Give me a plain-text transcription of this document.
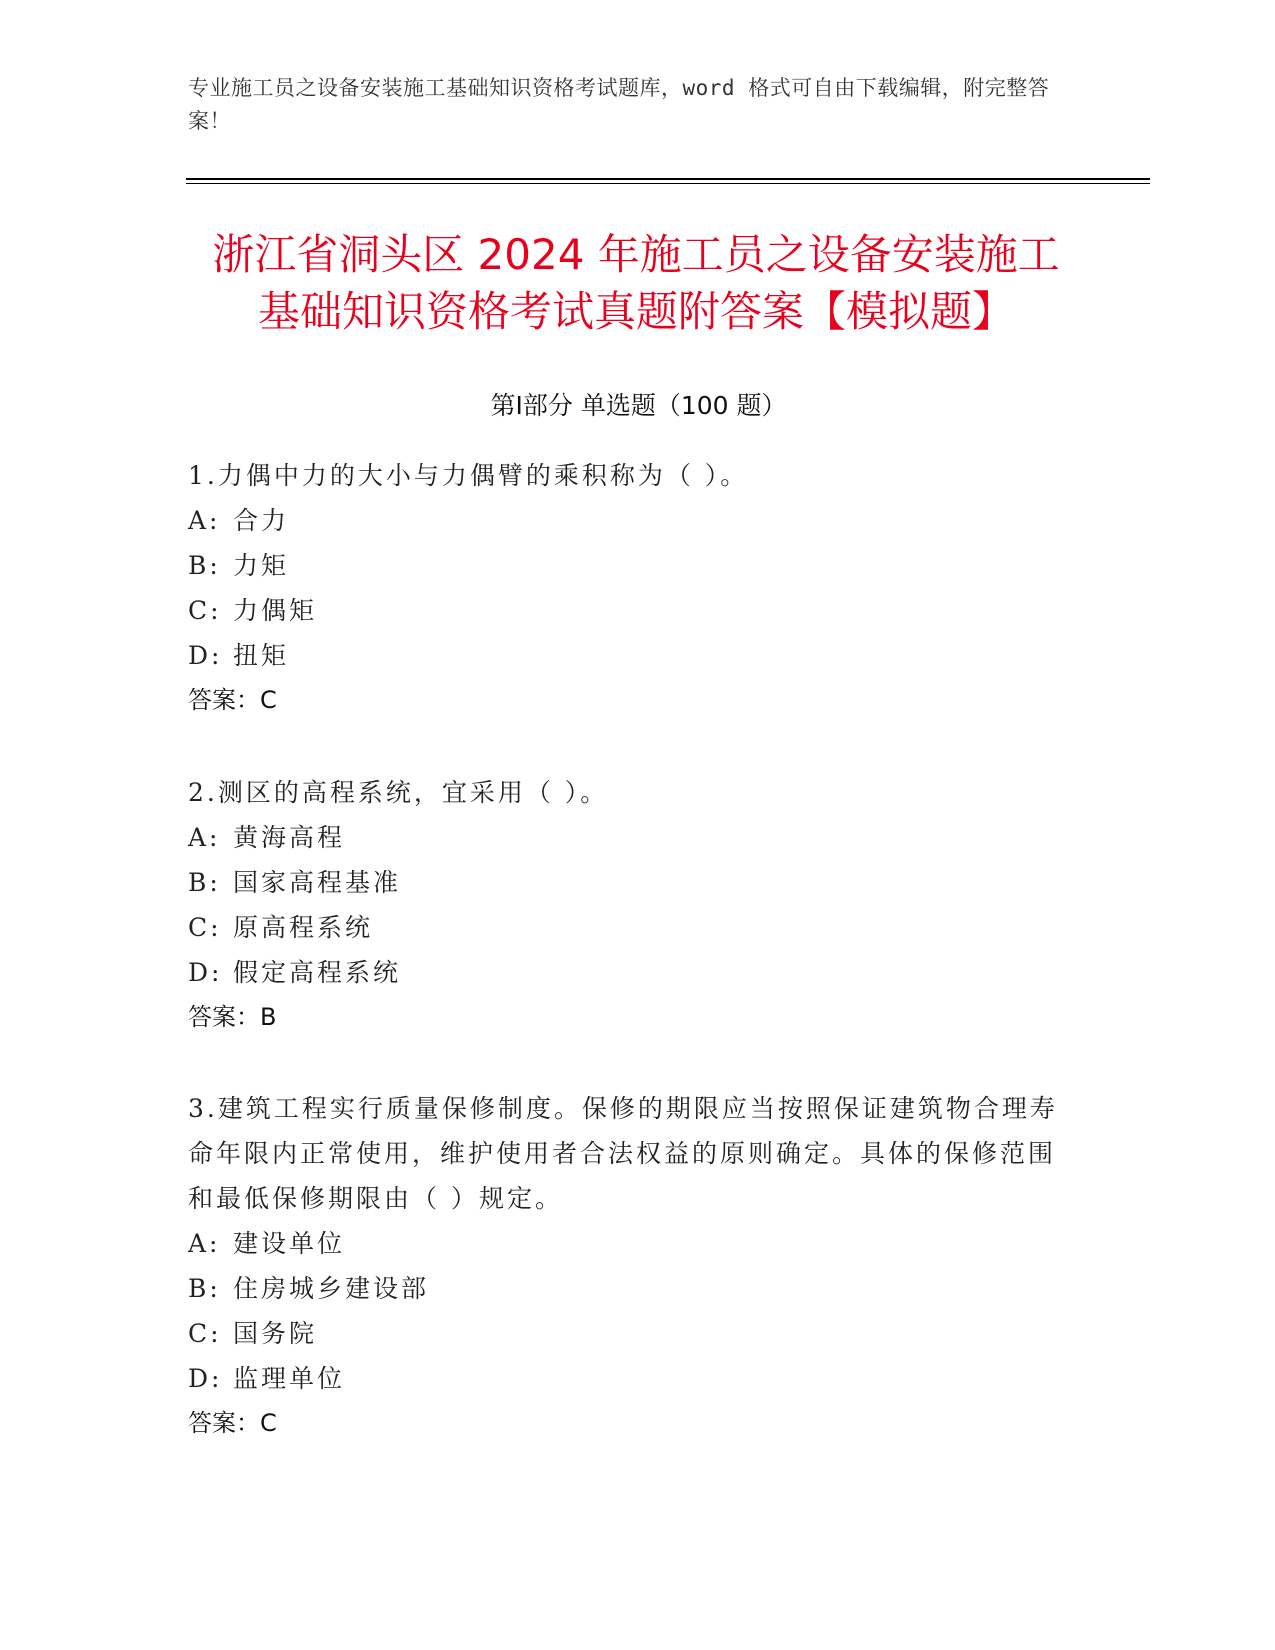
专业施工员之设备安装施工基础知识资格考试题库，word 格式可自由下载编辑，附完整答案！
浙江省洞头区 2024 年施工员之设备安装施工
基础知识资格考试真题附答案【模拟题】
第Ⅰ部分 单选题（100 题）
1.力偶中力的大小与力偶臂的乘积称为（ ）。
A: 合力
B: 力矩
C: 力偶矩
D: 扭矩
答案：C
2.测区的高程系统，宜采用（ ）。
A: 黄海高程
B: 国家高程基准
C: 原高程系统
D: 假定高程系统
答案：B
3.建筑工程实行质量保修制度。保修的期限应当按照保证建筑物合理寿命年限内正常使用，维护使用者合法权益的原则确定。具体的保修范围和最低保修期限由（ ）规定。
A: 建设单位
B: 住房城乡建设部
C: 国务院
D: 监理单位
答案：C
